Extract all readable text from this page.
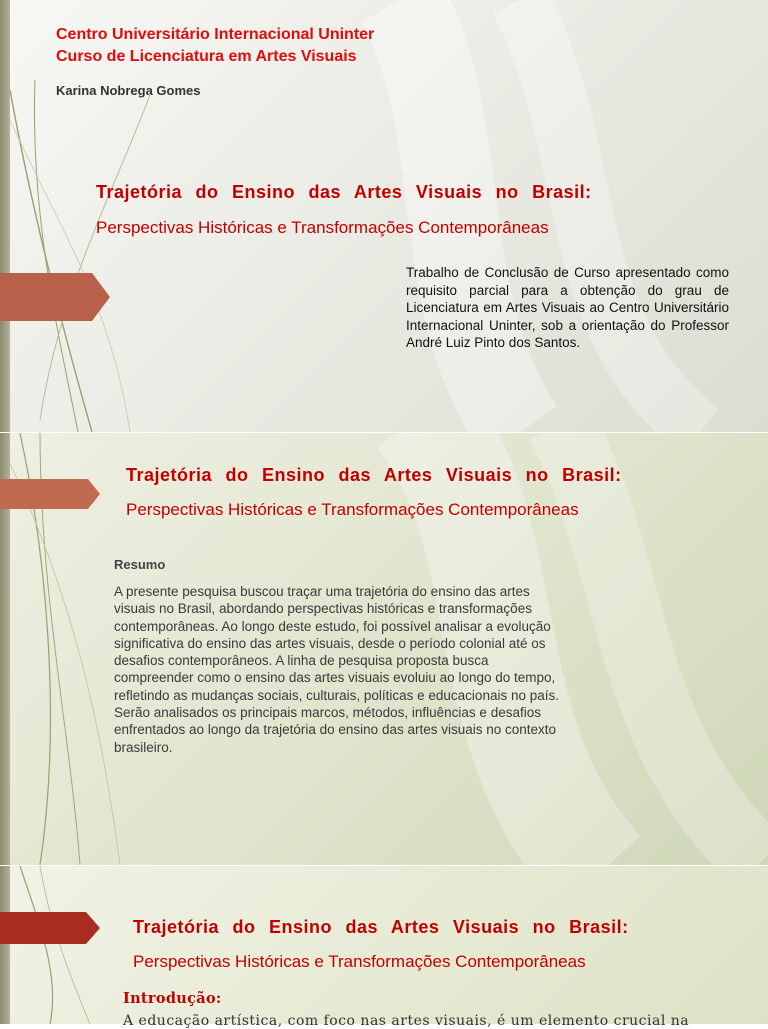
Centro Universitário Internacional Uninter
Curso de Licenciatura em Artes Visuais
Karina Nobrega Gomes
Trajetória do Ensino das Artes Visuais no Brasil:
Perspectivas Históricas e Transformações Contemporâneas
Trabalho de Conclusão de Curso apresentado como requisito parcial para a obtenção do grau de Licenciatura em Artes Visuais ao Centro Universitário Internacional Uninter, sob a orientação do Professor André Luiz Pinto dos Santos.
Trajetória do Ensino das Artes Visuais no Brasil:
Perspectivas Históricas e Transformações Contemporâneas
Resumo
A presente pesquisa buscou traçar uma trajetória do ensino das artes visuais no Brasil, abordando perspectivas históricas e transformações contemporâneas. Ao longo deste estudo, foi possível analisar a evolução significativa do ensino das artes visuais, desde o período colonial até os desafios contemporâneos. A linha de pesquisa proposta busca compreender como o ensino das artes visuais evoluiu ao longo do tempo, refletindo as mudanças sociais, culturais, políticas e educacionais no país. Serão analisados os principais marcos, métodos, influências e desafios enfrentados ao longo da trajetória do ensino das artes visuais no contexto brasileiro.
Trajetória do Ensino das Artes Visuais no Brasil:
Perspectivas Históricas e Transformações Contemporâneas
Introdução:
A educação artística, com foco nas artes visuais, é um elemento crucial na
